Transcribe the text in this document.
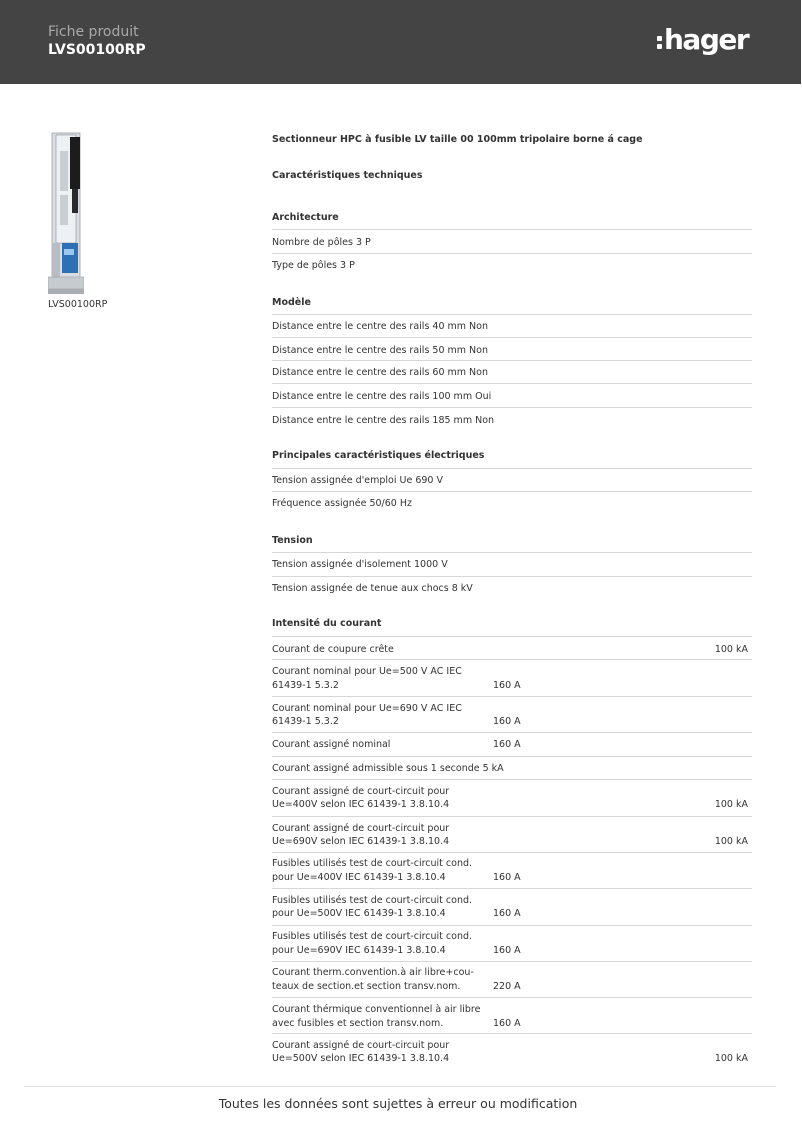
Fiche produit
LVS00100RP	hager
LVS00100RP
Sectionneur HPC à fusible LV taille 00 100mm tripolaire borne á cage
Caractéristiques techniques
Architecture
Nombre de pôles 3 P
Type de pôles 3 P
Modèle
Distance entre le centre des rails 40 mm Non
Distance entre le centre des rails 50 mm Non
Distance entre le centre des rails 60 mm Non
Distance entre le centre des rails 100 mm Oui
Distance entre le centre des rails 185 mm Non
Principales caractéristiques électriques
Tension assignée d'emploi Ue 690 V
Fréquence assignée 50/60 Hz
Tension
Tension assignée d'isolement 1000 V
Tension assignée de tenue aux chocs 8 kV
Intensité du courant
Courant de coupure crête	100 kA
Courant nominal pour Ue=500 V AC IEC
61439-1 5.3.2	160 A
Courant nominal pour Ue=690 V AC IEC
61439-1 5.3.2	160 A
Courant assigné nominal	160 A
Courant assigné admissible sous 1 seconde 5 kA
Courant assigné de court-circuit pour
Ue=400V selon IEC 61439-1 3.8.10.4	100 kA
Courant assigné de court-circuit pour
Ue=690V selon IEC 61439-1 3.8.10.4	100 kA
Fusibles utilisés test de court-circuit cond.
pour Ue=400V IEC 61439-1 3.8.10.4	160 A
Fusibles utilisés test de court-circuit cond.
pour Ue=500V IEC 61439-1 3.8.10.4	160 A
Fusibles utilisés test de court-circuit cond.
pour Ue=690V IEC 61439-1 3.8.10.4	160 A
Courant therm.convention.à air libre+cou-
teaux de section.et section transv.nom.	220 A
Courant thérmique conventionnel à air libre
avec fusibles et section transv.nom.	160 A
Courant assigné de court-circuit pour
Ue=500V selon IEC 61439-1 3.8.10.4	100 kA
Toutes les données sont sujettes à erreur ou modification
